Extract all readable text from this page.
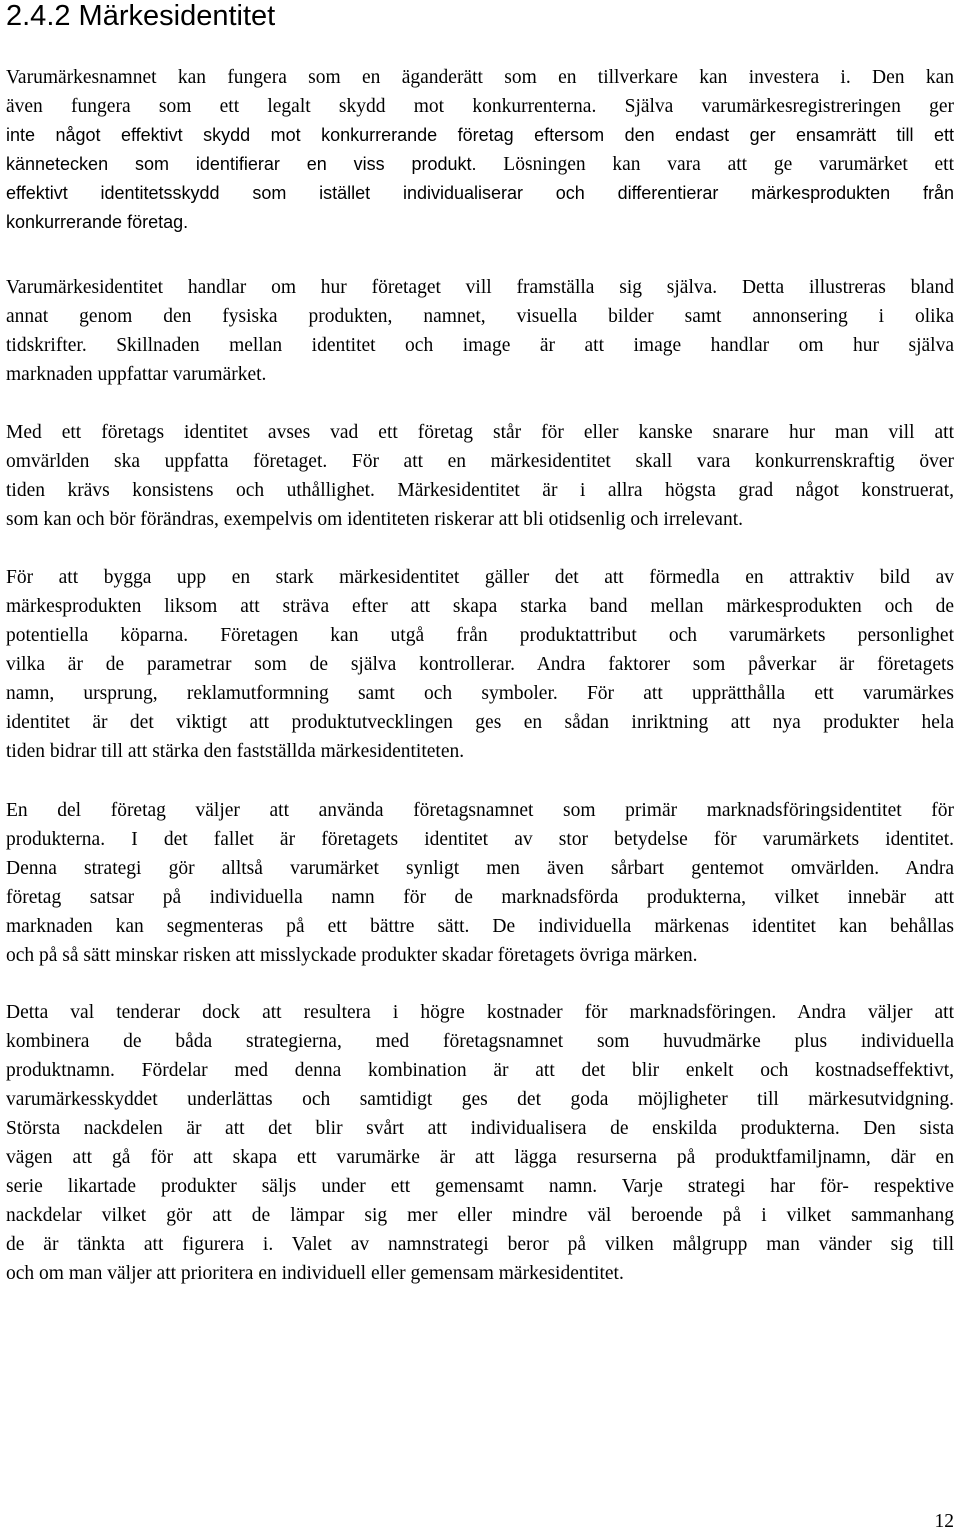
2.4.2 Märkesidentitet

Varumärkesnamnet kan fungera som en äganderätt som en tillverkare kan investera i. Den kan
även fungera som ett legalt skydd mot konkurrenterna. Själva varumärkesregistreringen ger
inte något effektivt skydd mot konkurrerande företag eftersom den endast ger ensamrätt till ett
kännetecken som identifierar en viss produkt. Lösningen kan vara att ge varumärket ett
effektivt identitetsskydd som istället individualiserar och differentierar märkesprodukten från
konkurrerande företag.

Varumärkesidentitet handlar om hur företaget vill framställa sig själva. Detta illustreras bland
annat genom den fysiska produkten, namnet, visuella bilder samt annonsering i olika
tidskrifter. Skillnaden mellan identitet och image är att image handlar om hur själva
marknaden uppfattar varumärket.

Med ett företags identitet avses vad ett företag står för eller kanske snarare hur man vill att
omvärlden ska uppfatta företaget. För att en märkesidentitet skall vara konkurrenskraftig över
tiden krävs konsistens och uthållighet. Märkesidentitet är i allra högsta grad något konstruerat,
som kan och bör förändras, exempelvis om identiteten riskerar att bli otidsenlig och irrelevant.

För att bygga upp en stark märkesidentitet gäller det att förmedla en attraktiv bild av
märkesprodukten liksom att sträva efter att skapa starka band mellan märkesprodukten och de
potentiella köparna. Företagen kan utgå från produktattribut och varumärkets personlighet
vilka är de parametrar som de själva kontrollerar. Andra faktorer som påverkar är företagets
namn, ursprung, reklamutformning samt och symboler. För att upprätthålla ett varumärkes
identitet är det viktigt att produktutvecklingen ges en sådan inriktning att nya produkter hela
tiden bidrar till att stärka den fastställda märkesidentiteten.

En del företag väljer att använda företagsnamnet som primär marknadsföringsidentitet för
produkterna. I det fallet är företagets identitet av stor betydelse för varumärkets identitet.
Denna strategi gör alltså varumärket synligt men även sårbart gentemot omvärlden. Andra
företag satsar på individuella namn för de marknadsförda produkterna, vilket innebär att
marknaden kan segmenteras på ett bättre sätt. De individuella märkenas identitet kan behållas
och på så sätt minskar risken att misslyckade produkter skadar företagets övriga märken.

Detta val tenderar dock att resultera i högre kostnader för marknadsföringen. Andra väljer att
kombinera de båda strategierna, med företagsnamnet som huvudmärke plus individuella
produktnamn. Fördelar med denna kombination är att det blir enkelt och kostnadseffektivt,
varumärkesskyddet underlättas och samtidigt ges det goda möjligheter till märkesutvidgning.
Största nackdelen är att det blir svårt att individualisera de enskilda produkterna. Den sista
vägen att gå för att skapa ett varumärke är att lägga resurserna på produktfamiljnamn, där en
serie likartade produkter säljs under ett gemensamt namn. Varje strategi har för- respektive
nackdelar vilket gör att de lämpar sig mer eller mindre väl beroende på i vilket sammanhang
de är tänkta att figurera i. Valet av namnstrategi beror på vilken målgrupp man vänder sig till
och om man väljer att prioritera en individuell eller gemensam märkesidentitet.

12
